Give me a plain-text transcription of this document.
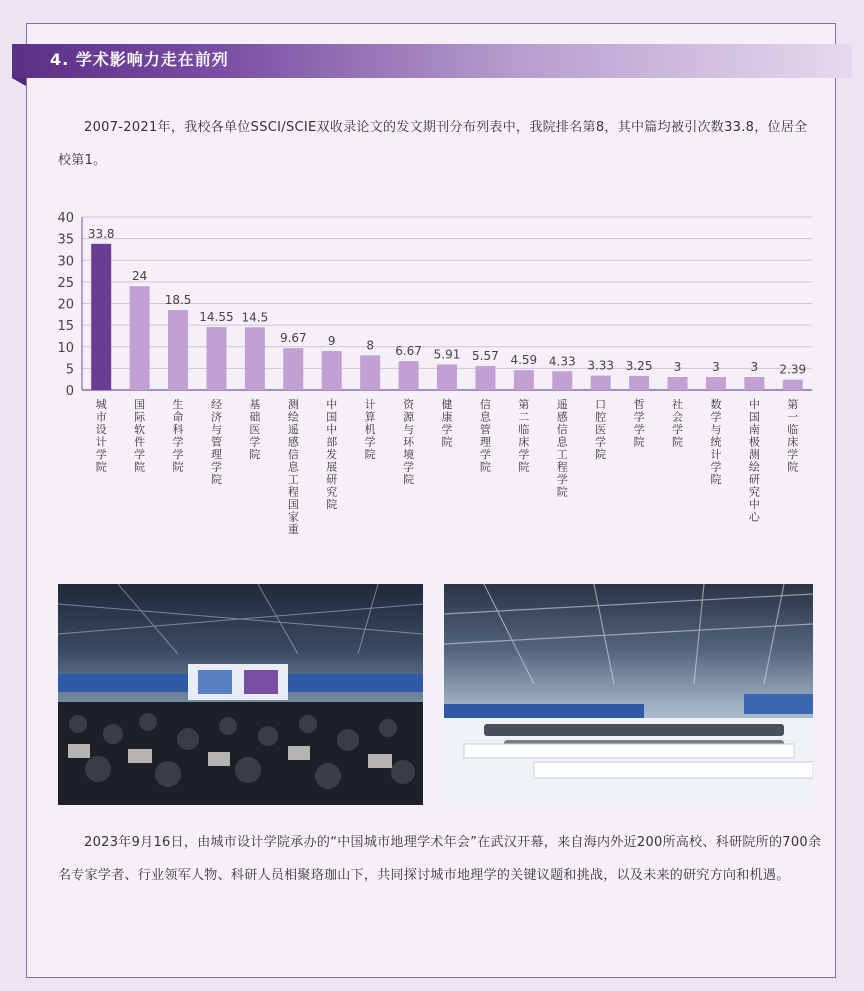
4. 学术影响力走在前列
2007-2021年，我校各单位SSCI/SCIE双收录论文的发文期刊分布列表中，我院排名第8，其中篇均被引次数33.8，位居全校第1。
0
5
10
15
20
25
30
35
40
33.8
城市设计学院
24
国际软件学院
18.5
生命科学学院
14.55
经济与管理学院
14.5
基础医学院
9.67
测绘遥感信息工程国家重
9
中国中部发展研究院
8
计算机学院
6.67
资源与环境学院
5.91
健康学院
5.57
信息管理学院
4.59
第二临床学院
4.33
遥感信息工程学院
3.33
口腔医学院
3.25
哲学学院
3
社会学院
3
数学与统计学院
3
中国南极测绘研究中心
2.39
第一临床学院
2023年9月16日，由城市设计学院承办的“中国城市地理学术年会”在武汉开幕，来自海内外近200所高校、科研院所的700余名专家学者、行业领军人物、科研人员相聚珞珈山下，共同探讨城市地理学的关键议题和挑战，以及未来的研究方向和机遇。
